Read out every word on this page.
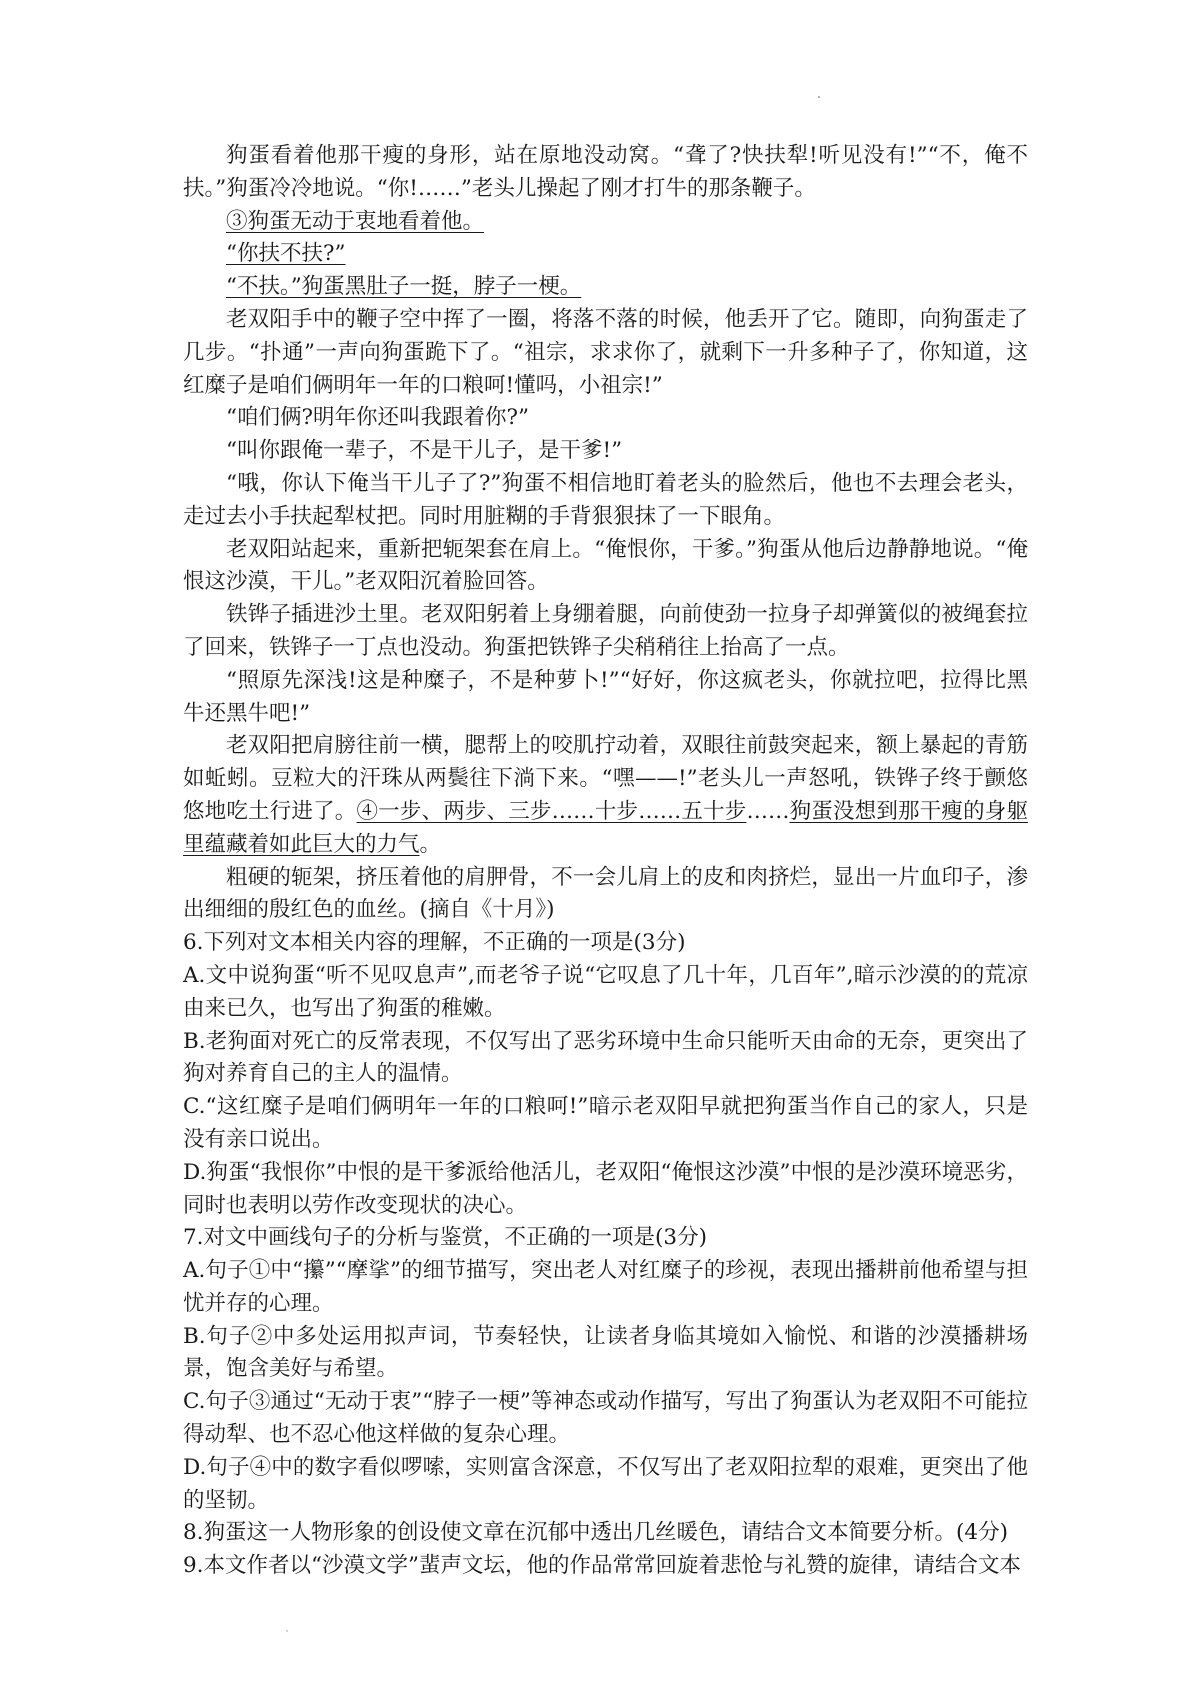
狗蛋看着他那干瘦的身形，站在原地没动窝。“聋了?快扶犁!听见没有!”“不，俺不扶。”狗蛋冷冷地说。“你!……”老头儿操起了刚才打牛的那条鞭子。

③狗蛋无动于衷地看着他。

“你扶不扶?”

“不扶。”狗蛋黑肚子一挺，脖子一梗。

老双阳手中的鞭子空中挥了一圈，将落不落的时候，他丢开了它。随即，向狗蛋走了几步。“扑通”一声向狗蛋跪下了。“祖宗，求求你了，就剩下一升多种子了，你知道，这红糜子是咱们俩明年一年的口粮呵!懂吗，小祖宗!”

“咱们俩?明年你还叫我跟着你?”

“叫你跟俺一辈子，不是干儿子，是干爹!”

“哦，你认下俺当干儿子了?”狗蛋不相信地盯着老头的脸然后，他也不去理会老头，走过去小手扶起犁杖把。同时用脏糊的手背狠狠抹了一下眼角。

老双阳站起来，重新把轭架套在肩上。“俺恨你，干爹。”狗蛋从他后边静静地说。“俺恨这沙漠，干儿。”老双阳沉着脸回答。

铁铧子插进沙土里。老双阳躬着上身绷着腿，向前使劲一拉身子却弹簧似的被绳套拉了回来，铁铧子一丁点也没动。狗蛋把铁铧子尖稍稍往上抬高了一点。

“照原先深浅!这是种糜子，不是种萝卜!”“好好，你这疯老头，你就拉吧，拉得比黑牛还黑牛吧!”

老双阳把肩膀往前一横，腮帮上的咬肌拧动着，双眼往前鼓突起来，额上暴起的青筋如蚯蚓。豆粒大的汗珠从两鬓往下淌下来。“嘿——!”老头儿一声怒吼，铁铧子终于颤悠悠地吃土行进了。④一步、两步、三步……十步……五十步……狗蛋没想到那干瘦的身躯里蕴藏着如此巨大的力气。

粗硬的轭架，挤压着他的肩胛骨，不一会儿肩上的皮和肉挤烂，显出一片血印子，渗出细细的殷红色的血丝。(摘自《十月》)

6.下列对文本相关内容的理解，不正确的一项是(3分)

A.文中说狗蛋“听不见叹息声”,而老爷子说“它叹息了几十年，几百年”,暗示沙漠的的荒凉由来已久，也写出了狗蛋的稚嫩。

B.老狗面对死亡的反常表现，不仅写出了恶劣环境中生命只能听天由命的无奈，更突出了狗对养育自己的主人的温情。

C.“这红糜子是咱们俩明年一年的口粮呵!”暗示老双阳早就把狗蛋当作自己的家人，只是没有亲口说出。

D.狗蛋“我恨你”中恨的是干爹派给他活儿，老双阳“俺恨这沙漠”中恨的是沙漠环境恶劣，同时也表明以劳作改变现状的决心。

7.对文中画线句子的分析与鉴赏，不正确的一项是(3分)

A.句子①中“攥”“摩挲”的细节描写，突出老人对红糜子的珍视，表现出播耕前他希望与担忧并存的心理。

B.句子②中多处运用拟声词，节奏轻快，让读者身临其境如入愉悦、和谐的沙漠播耕场景，饱含美好与希望。

C.句子③通过“无动于衷”“脖子一梗”等神态或动作描写，写出了狗蛋认为老双阳不可能拉得动犁、也不忍心他这样做的复杂心理。

D.句子④中的数字看似啰嗦，实则富含深意，不仅写出了老双阳拉犁的艰难，更突出了他的坚韧。

8.狗蛋这一人物形象的创设使文章在沉郁中透出几丝暖色，请结合文本简要分析。(4分)

9.本文作者以“沙漠文学”蜚声文坛，他的作品常常回旋着悲怆与礼赞的旋律，请结合文本
